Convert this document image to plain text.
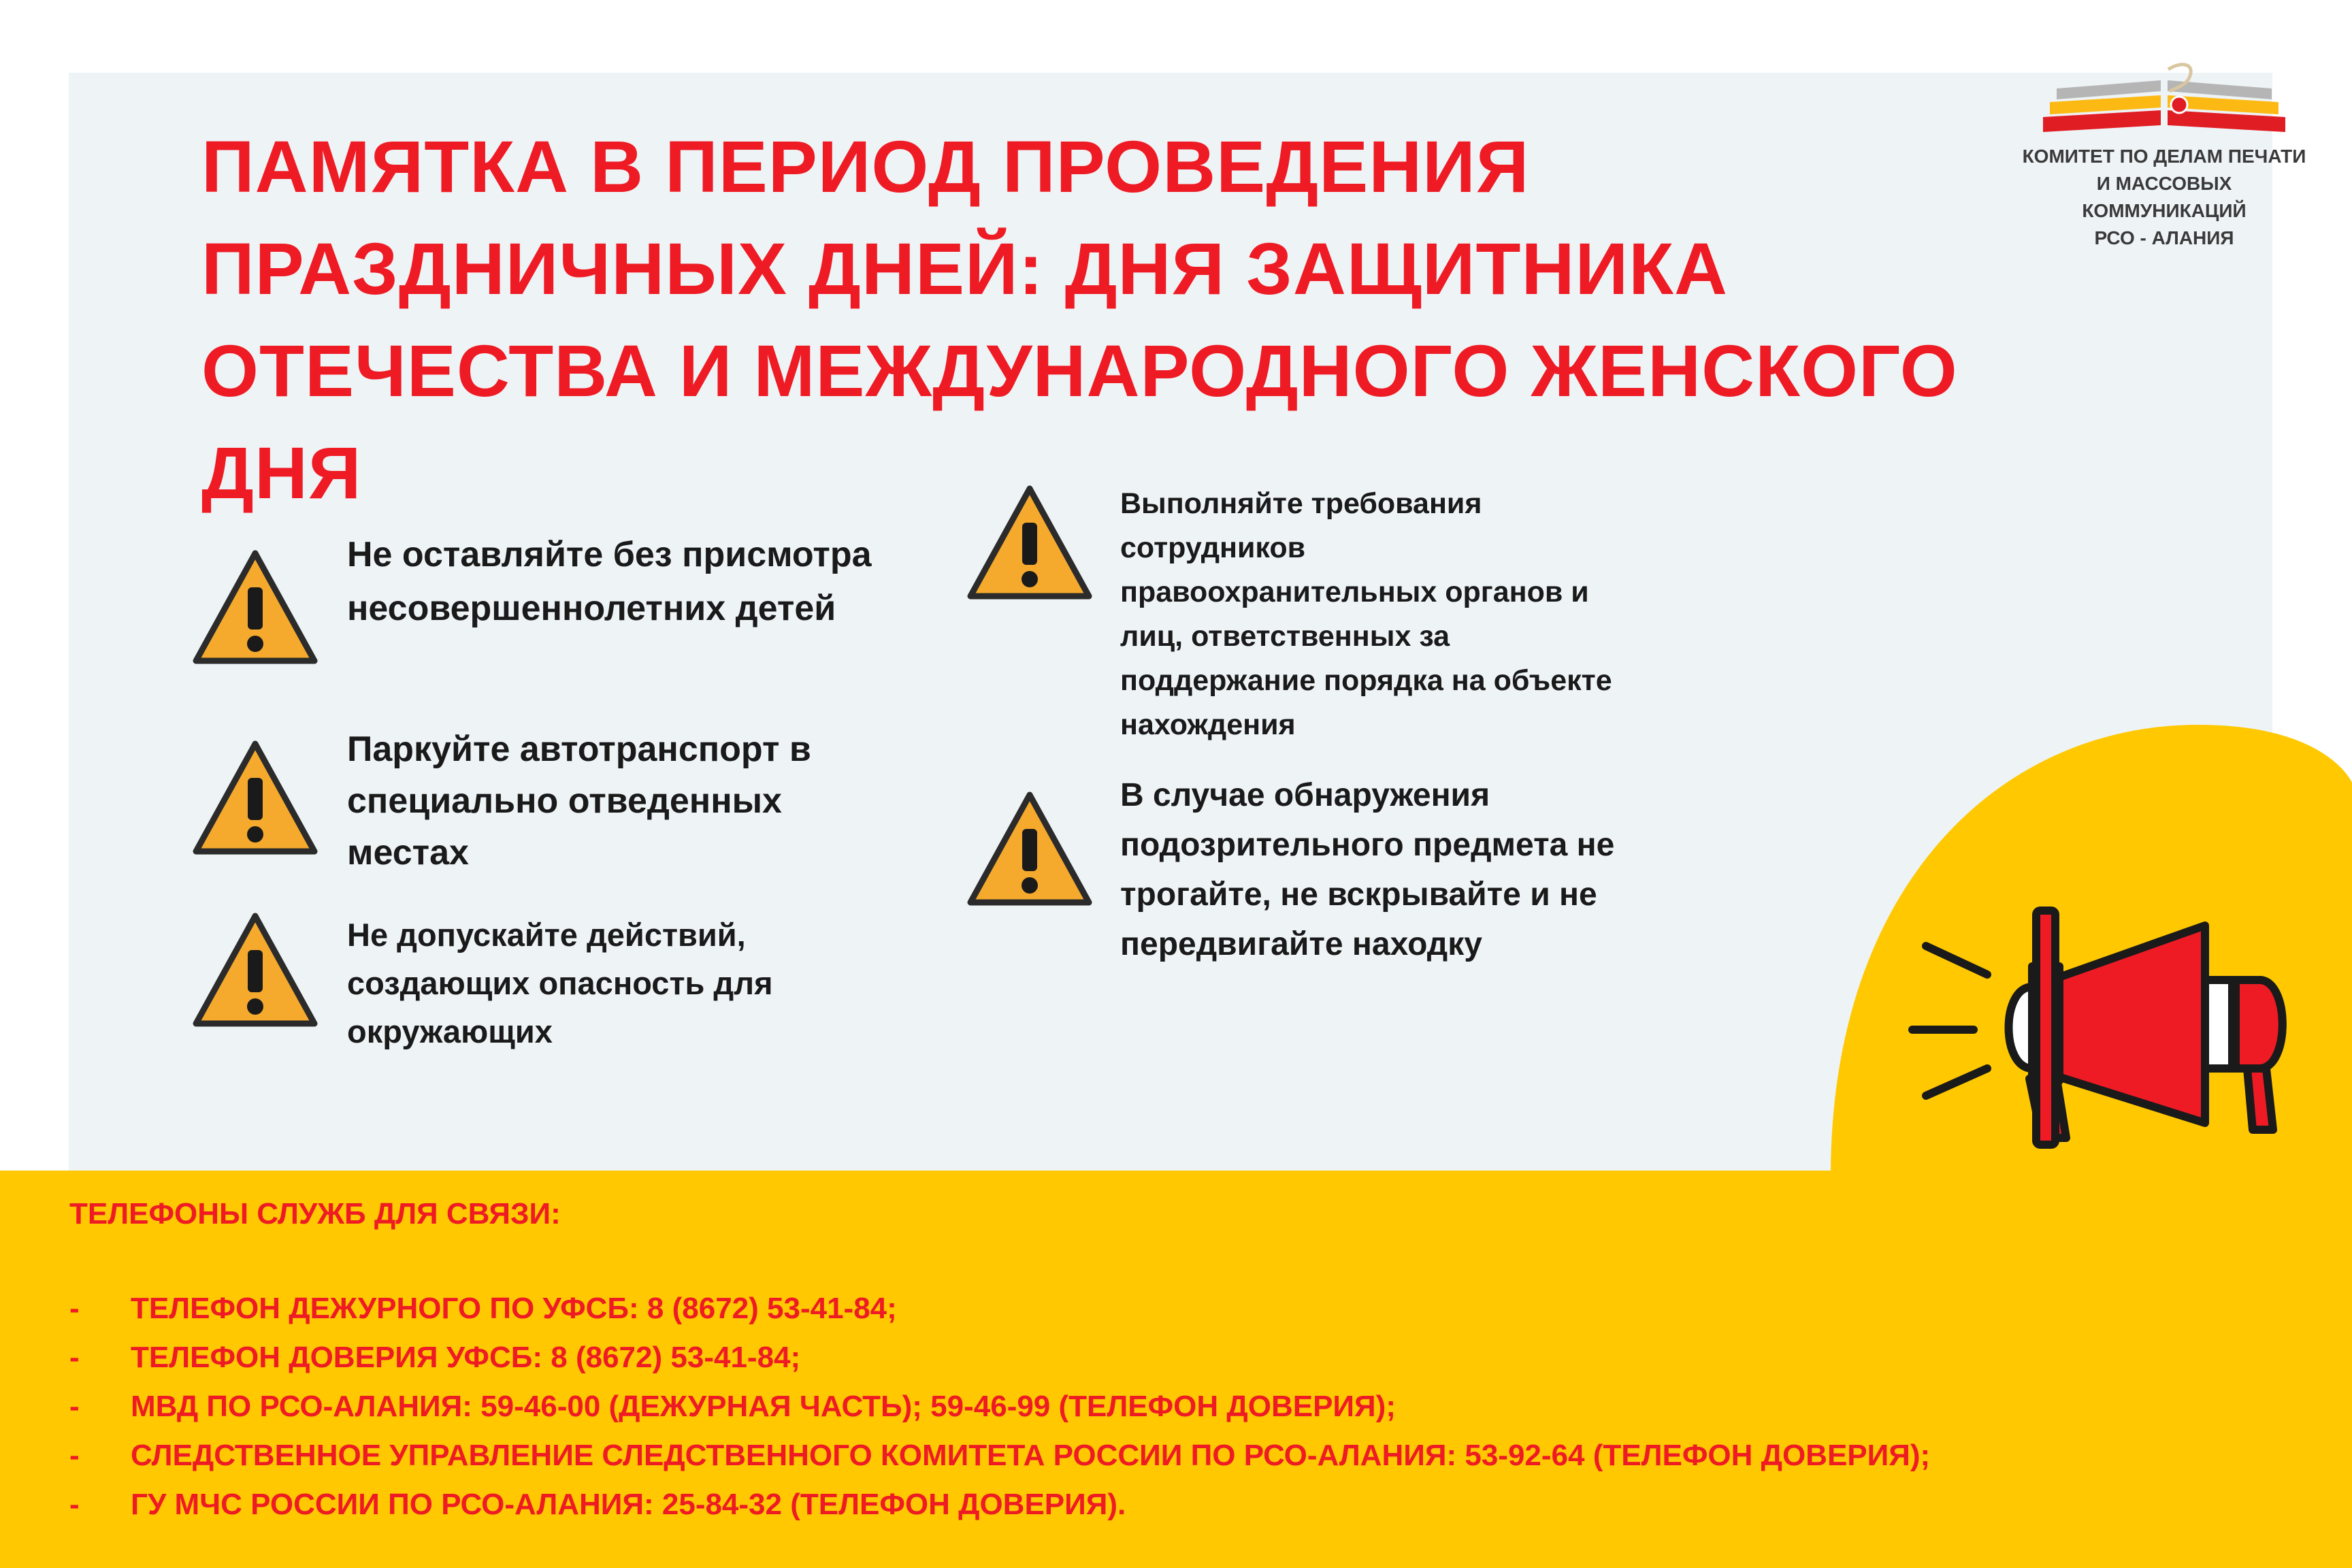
ПАМЯТКА В ПЕРИОД ПРОВЕДЕНИЯ ПРАЗДНИЧНЫХ ДНЕЙ: ДНЯ ЗАЩИТНИКА ОТЕЧЕСТВА И МЕЖДУНАРОДНОГО ЖЕНСКОГО ДНЯ
КОМИТЕТ ПО ДЕЛАМ ПЕЧАТИ
И МАССОВЫХ КОММУНИКАЦИЙ
РСО - АЛАНИЯ

Не оставляйте без присмотра несовершеннолетних детей

Паркуйте автотранспорт в специально отведенных местах

Не допускайте действий, создающих опасность для окружающих

Выполняйте требования сотрудников правоохранительных органов и лиц, ответственных за поддержание порядка на объекте нахождения

В случае обнаружения подозрительного предмета не трогайте, не вскрывайте и не передвигайте находку

ТЕЛЕФОНЫ СЛУЖБ ДЛЯ СВЯЗИ:
- ТЕЛЕФОН ДЕЖУРНОГО ПО УФСБ: 8 (8672) 53-41-84;
- ТЕЛЕФОН ДОВЕРИЯ УФСБ: 8 (8672) 53-41-84;
- МВД ПО РСО-АЛАНИЯ: 59-46-00 (ДЕЖУРНАЯ ЧАСТЬ); 59-46-99 (ТЕЛЕФОН ДОВЕРИЯ);
- СЛЕДСТВЕННОЕ УПРАВЛЕНИЕ СЛЕДСТВЕННОГО КОМИТЕТА РОССИИ ПО РСО-АЛАНИЯ: 53-92-64 (ТЕЛЕФОН ДОВЕРИЯ);
- ГУ МЧС РОССИИ ПО РСО-АЛАНИЯ: 25-84-32 (ТЕЛЕФОН ДОВЕРИЯ).
